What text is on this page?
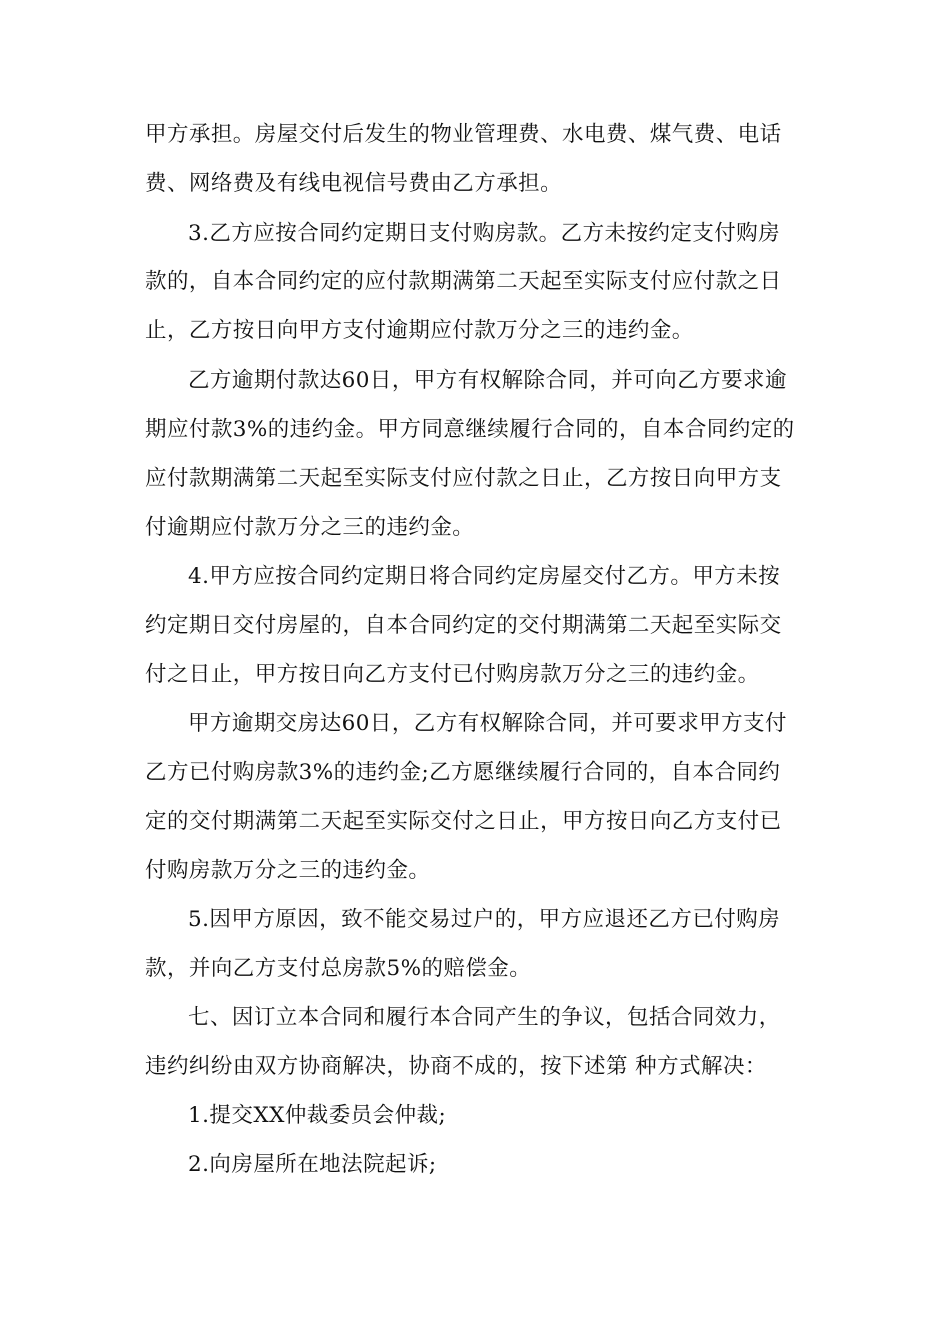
甲方承担。房屋交付后发生的物业管理费、水电费、煤气费、电话
费、网络费及有线电视信号费由乙方承担。
3.乙方应按合同约定期日支付购房款。乙方未按约定支付购房
款的，自本合同约定的应付款期满第二天起至实际支付应付款之日
止，乙方按日向甲方支付逾期应付款万分之三的违约金。
乙方逾期付款达60日，甲方有权解除合同，并可向乙方要求逾
期应付款3%的违约金。甲方同意继续履行合同的，自本合同约定的
应付款期满第二天起至实际支付应付款之日止，乙方按日向甲方支
付逾期应付款万分之三的违约金。
4.甲方应按合同约定期日将合同约定房屋交付乙方。甲方未按
约定期日交付房屋的，自本合同约定的交付期满第二天起至实际交
付之日止，甲方按日向乙方支付已付购房款万分之三的违约金。
甲方逾期交房达60日，乙方有权解除合同，并可要求甲方支付
乙方已付购房款3%的违约金;乙方愿继续履行合同的，自本合同约
定的交付期满第二天起至实际交付之日止，甲方按日向乙方支付已
付购房款万分之三的违约金。
5.因甲方原因，致不能交易过户的，甲方应退还乙方已付购房
款，并向乙方支付总房款5%的赔偿金。
七、因订立本合同和履行本合同产生的争议，包括合同效力，
违约纠纷由双方协商解决，协商不成的，按下述第 种方式解决：
1.提交XX仲裁委员会仲裁;
2.向房屋所在地法院起诉;
